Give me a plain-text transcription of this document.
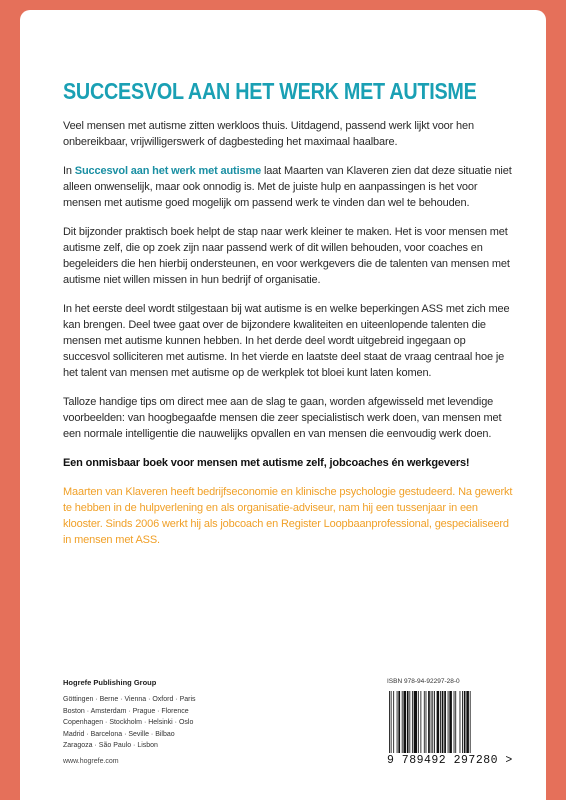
SUCCESVOL AAN HET WERK MET AUTISME

Veel mensen met autisme zitten werkloos thuis. Uitdagend, passend werk lijkt voor hen onbereikbaar, vrijwilligerswerk of dagbesteding het maximaal haalbare.

In Succesvol aan het werk met autisme laat Maarten van Klaveren zien dat deze situatie niet alleen onwenselijk, maar ook onnodig is. Met de juiste hulp en aanpassingen is het voor mensen met autisme goed mogelijk om passend werk te vinden dan wel te behouden.

Dit bijzonder praktisch boek helpt de stap naar werk kleiner te maken. Het is voor mensen met autisme zelf, die op zoek zijn naar passend werk of dit willen behouden, voor coaches en begeleiders die hen hierbij ondersteunen, en voor werkgevers die de talenten van mensen met autisme niet willen missen in hun bedrijf of organisatie.

In het eerste deel wordt stilgestaan bij wat autisme is en welke beperkingen ASS met zich mee kan brengen. Deel twee gaat over de bijzondere kwaliteiten en uiteenlopende talenten die mensen met autisme kunnen hebben. In het derde deel wordt uitgebreid ingegaan op succesvol solliciteren met autisme. In het vierde en laatste deel staat de vraag centraal hoe je het talent van mensen met autisme op de werkplek tot bloei kunt laten komen.

Talloze handige tips om direct mee aan de slag te gaan, worden afgewisseld met levendige voorbeelden: van hoogbegaafde mensen die zeer specialistisch werk doen, van mensen met een normale intelligentie die nauwelijks opvallen en van mensen die eenvoudig werk doen.

Een onmisbaar boek voor mensen met autisme zelf, jobcoaches én werkgevers!

Maarten van Klaveren heeft bedrijfseconomie en klinische psychologie gestudeerd. Na gewerkt te hebben in de hulpverlening en als organisatie-adviseur, nam hij een tussenjaar in een klooster. Sinds 2006 werkt hij als jobcoach en Register Loopbaanprofessional, gespecialiseerd in mensen met ASS.

Hogrefe Publishing Group
Göttingen · Berne · Vienna · Oxford · Paris
Boston · Amsterdam · Prague · Florence
Copenhagen · Stockholm · Helsinki · Oslo
Madrid · Barcelona · Seville · Bilbao
Zaragoza · São Paulo · Lisbon
www.hogrefe.com
ISBN 978-94-92297-28-0
9 789492 297280 >
